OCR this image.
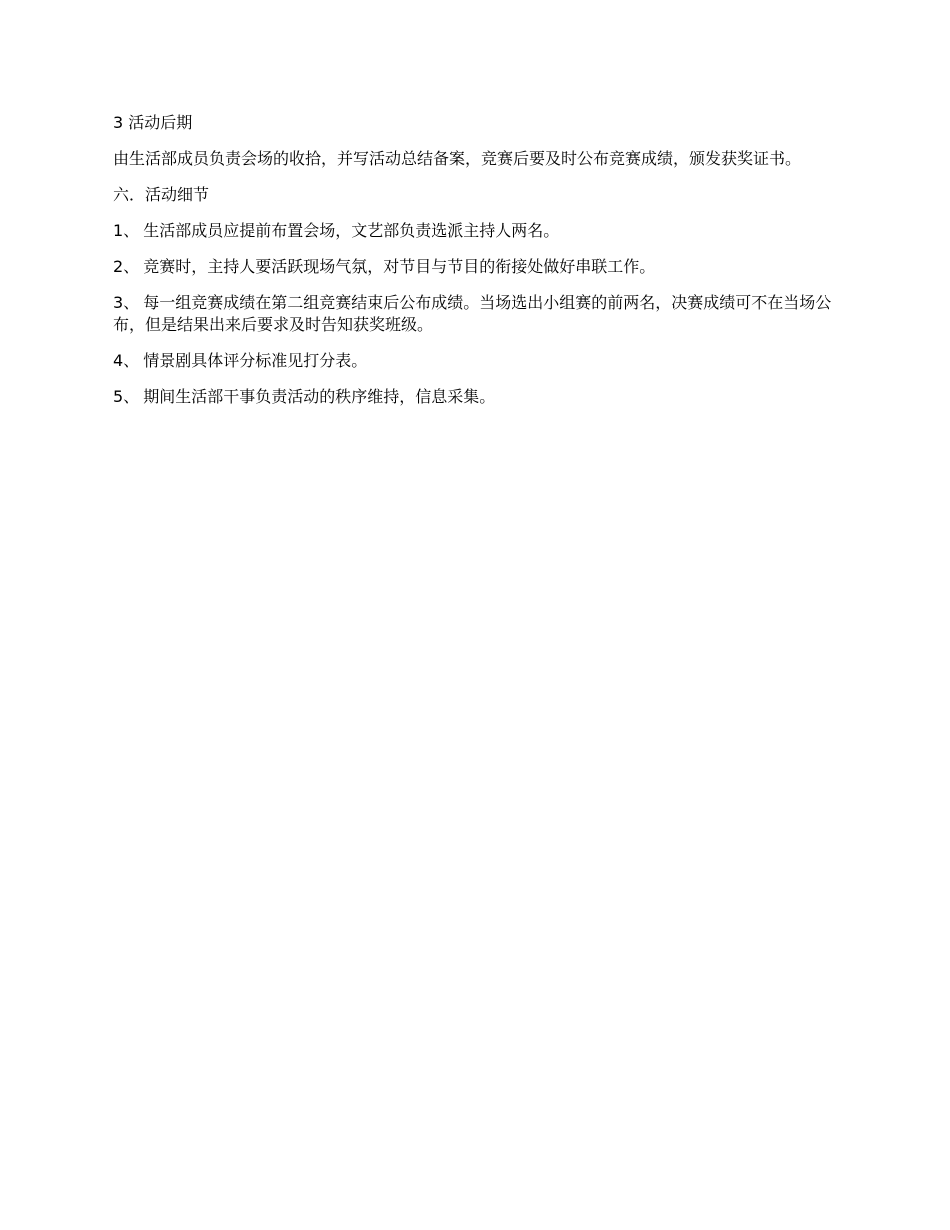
3 活动后期

由生活部成员负责会场的收拾，并写活动总结备案，竞赛后要及时公布竞赛成绩，颁发获奖证书。

六．活动细节

1、 生活部成员应提前布置会场，文艺部负责选派主持人两名。

2、 竞赛时，主持人要活跃现场气氛，对节目与节目的衔接处做好串联工作。

3、 每一组竞赛成绩在第二组竞赛结束后公布成绩。当场选出小组赛的前两名，决赛成绩可不在当场公布，但是结果出来后要求及时告知获奖班级。

4、 情景剧具体评分标准见打分表。

5、 期间生活部干事负责活动的秩序维持，信息采集。
